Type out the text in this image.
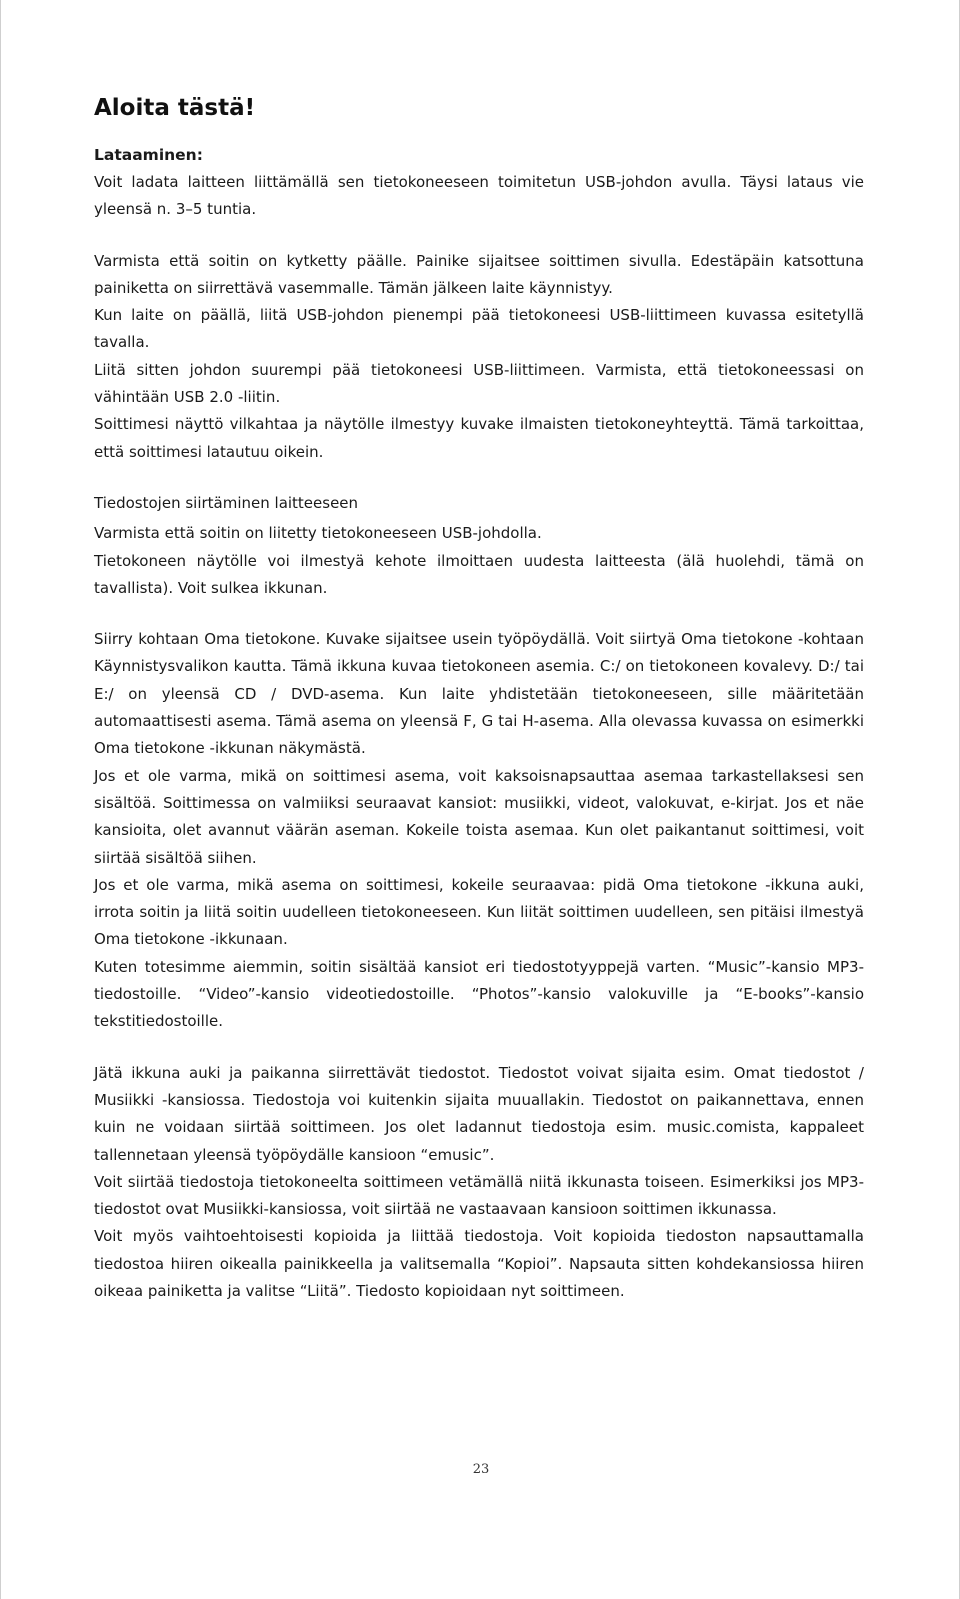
Aloita tästä!
Lataaminen:

Voit ladata laitteen liittämällä sen tietokoneeseen toimitetun USB-johdon avulla. Täysi lataus vie yleensä n. 3–5 tuntia.

Varmista että soitin on kytketty päälle. Painike sijaitsee soittimen sivulla. Edestäpäin katsottuna painiketta on siirrettävä vasemmalle. Tämän jälkeen laite käynnistyy.

Kun laite on päällä, liitä USB-johdon pienempi pää tietokoneesi USB-liittimeen kuvassa esitetyllä tavalla.

Liitä sitten johdon suurempi pää tietokoneesi USB-liittimeen. Varmista, että tietokoneessasi on vähintään USB 2.0 -liitin.

Soittimesi näyttö vilkahtaa ja näytölle ilmestyy kuvake ilmaisten tietokoneyhteyttä. Tämä tarkoittaa, että soittimesi latautuu oikein.

Tiedostojen siirtäminen laitteeseen

Varmista että soitin on liitetty tietokoneeseen USB-johdolla.

Tietokoneen näytölle voi ilmestyä kehote ilmoittaen uudesta laitteesta (älä huolehdi, tämä on tavallista). Voit sulkea ikkunan.

Siirry kohtaan Oma tietokone. Kuvake sijaitsee usein työpöydällä. Voit siirtyä Oma tietokone -kohtaan Käynnistysvalikon kautta. Tämä ikkuna kuvaa tietokoneen asemia. C:/ on tietokoneen kovalevy. D:/ tai E:/ on yleensä CD / DVD-asema. Kun laite yhdistetään tietokoneeseen, sille määritetään automaattisesti asema. Tämä asema on yleensä F, G tai H-asema. Alla olevassa kuvassa on esimerkki Oma tietokone -ikkunan näkymästä.

Jos et ole varma, mikä on soittimesi asema, voit kaksoisnapsauttaa asemaa tarkastellaksesi sen sisältöä. Soittimessa on valmiiksi seuraavat kansiot: musiikki, videot, valokuvat, e-kirjat. Jos et näe kansioita, olet avannut väärän aseman. Kokeile toista asemaa. Kun olet paikantanut soittimesi, voit siirtää sisältöä siihen.

Jos et ole varma, mikä asema on soittimesi, kokeile seuraavaa: pidä Oma tietokone -ikkuna auki, irrota soitin ja liitä soitin uudelleen tietokoneeseen. Kun liität soittimen uudelleen, sen pitäisi ilmestyä Oma tietokone -ikkunaan.

Kuten totesimme aiemmin, soitin sisältää kansiot eri tiedostotyyppejä varten. “Music”-kansio MP3-tiedostoille. “Video”-kansio videotiedostoille. “Photos”-kansio valokuville ja “E-books”-kansio tekstitiedostoille.

Jätä ikkuna auki ja paikanna siirrettävät tiedostot. Tiedostot voivat sijaita esim. Omat tiedostot / Musiikki -kansiossa. Tiedostoja voi kuitenkin sijaita muuallakin. Tiedostot on paikannettava, ennen kuin ne voidaan siirtää soittimeen. Jos olet ladannut tiedostoja esim. music.comista, kappaleet tallennetaan yleensä työpöydälle kansioon “emusic”.

Voit siirtää tiedostoja tietokoneelta soittimeen vetämällä niitä ikkunasta toiseen. Esimerkiksi jos MP3-tiedostot ovat Musiikki-kansiossa, voit siirtää ne vastaavaan kansioon soittimen ikkunassa.

Voit myös vaihtoehtoisesti kopioida ja liittää tiedostoja. Voit kopioida tiedoston napsauttamalla tiedostoa hiiren oikealla painikkeella ja valitsemalla “Kopioi”. Napsauta sitten kohdekansiossa hiiren oikeaa painiketta ja valitse “Liitä”. Tiedosto kopioidaan nyt soittimeen.

23
